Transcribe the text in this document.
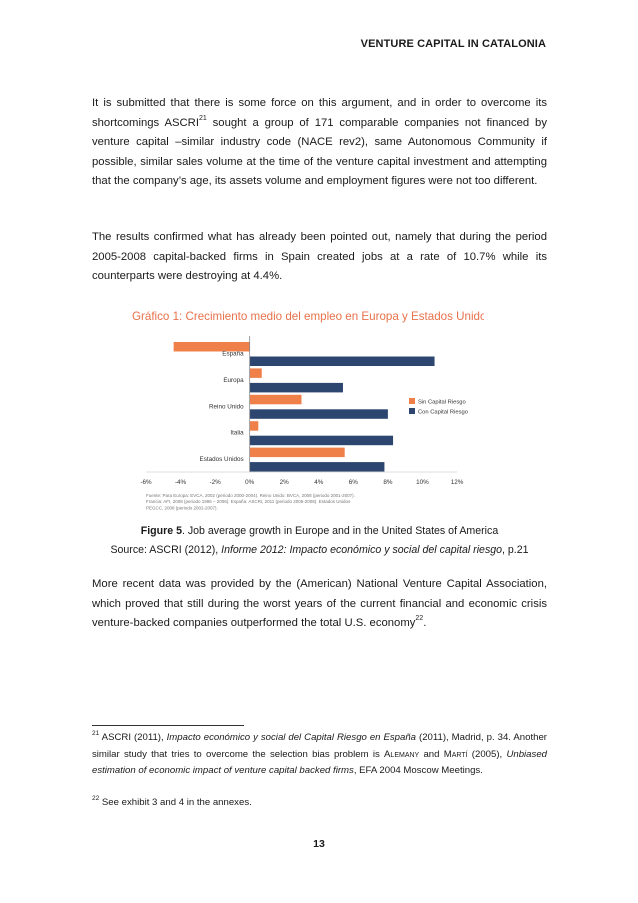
VENTURE CAPITAL IN CATALONIA

It is submitted that there is some force on this argument, and in order to overcome its shortcomings ASCRI$^{21}$ sought a group of 171 comparable companies not financed by venture capital –similar industry code (NACE rev2), same Autonomous Community if possible, similar sales volume at the time of the venture capital investment and attempting that the company’s age, its assets volume and employment figures were not too different.

The results confirmed what has already been pointed out, namely that during the period 2005-2008 capital-backed firms in Spain created jobs at a rate of 10.7% while its counterparts were destroying at 4.4%.

Gráfico 1: Crecimiento medio del empleo en Europa y Estados Unidos
España
Europa
Reino Unido
Italia
Estados Unidos
-6%	-4%	-2%	0%	2%	4%	6%	8%	10%	12%
Sin Capital Riesgo
Con Capital Riesgo
Fuente: Para Europa: EVCA, 2002 (periodo 2000-2004). Reino Unido: BVCA, 2008 (periodo 2001-2007).
Francia: AFI, 2008 (periodo 1996 – 2006). España: ASCRI, 2011 (periodo 2005-2008). Estados Unidos
PEGCC, 2008 (periodo 2002-2007).
Figure 5. Job average growth in Europe and in the United States of America
Source: ASCRI (2012), Informe 2012: Impacto económico y social del capital riesgo, p.21

More recent data was provided by the (American) National Venture Capital Association, which proved that still during the worst years of the current financial and economic crisis venture-backed companies outperformed the total U.S. economy$^{22}$.

$^{21}$ ASCRI (2011), Impacto económico y social del Capital Riesgo en España (2011), Madrid, p. 34. Another similar study that tries to overcome the selection bias problem is Alemany and Martí (2005), Unbiased estimation of economic impact of venture capital backed firms, EFA 2004 Moscow Meetings.

$^{22}$ See exhibit 3 and 4 in the annexes.

13
